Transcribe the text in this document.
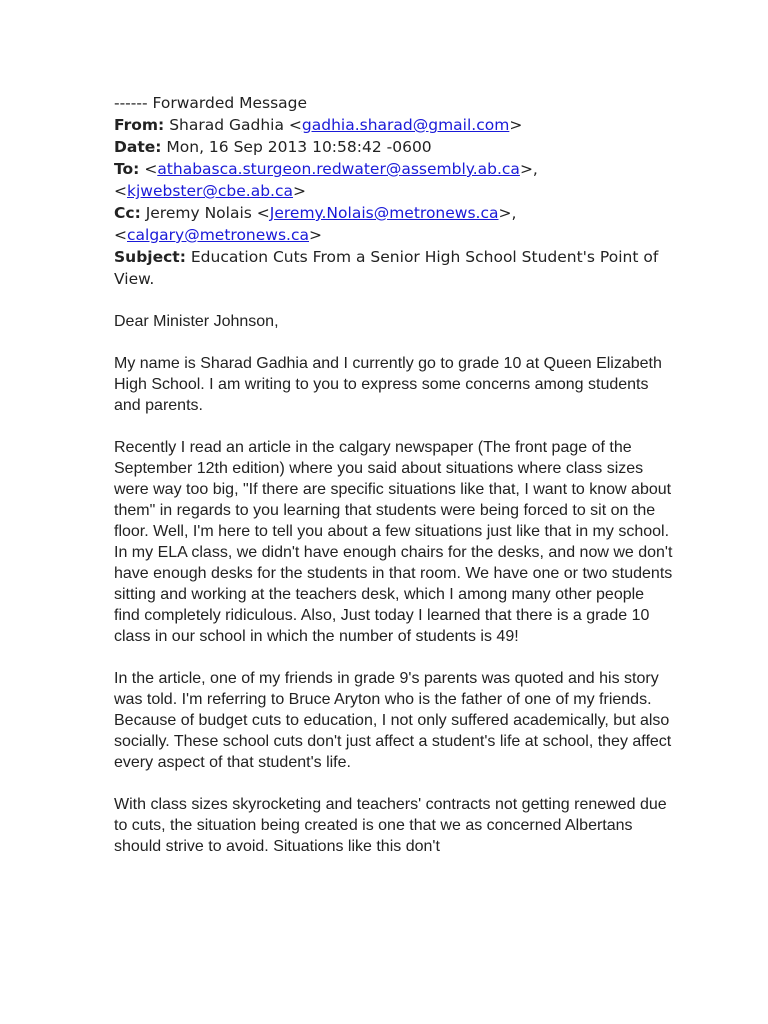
------ Forwarded Message
From: Sharad Gadhia <gadhia.sharad@gmail.com>
Date: Mon, 16 Sep 2013 10:58:42 -0600
To: <athabasca.sturgeon.redwater@assembly.ab.ca>,
<kjwebster@cbe.ab.ca>
Cc: Jeremy Nolais <Jeremy.Nolais@metronews.ca>,
<calgary@metronews.ca>
Subject: Education Cuts From a Senior High School Student's Point of View.

Dear Minister Johnson,

My name is Sharad Gadhia and I currently go to grade 10 at Queen Elizabeth High School. I am writing to you to express some concerns among students and parents.

Recently I read an article in the calgary newspaper (The front page of the September 12th edition) where you said about situations where class sizes were way too big, "If there are specific situations like that, I want to know about them" in regards to you learning that students were being forced to sit on the floor. Well, I'm here to tell you about a few situations just like that in my school. In my ELA class, we didn't have enough chairs for the desks, and now we don't have enough desks for the students in that room. We have one or two students sitting and working at the teachers desk, which I among many other people find completely ridiculous. Also, Just today I learned that there is a grade 10 class in our school in which the number of students is 49!

In the article, one of my friends in grade 9's parents was quoted and his story was told. I'm referring to Bruce Aryton who is the father of one of my friends. Because of budget cuts to education, I not only suffered academically, but also socially. These school cuts don't just affect a student's life at school, they affect every aspect of that student's life.

With class sizes skyrocketing and teachers' contracts not getting renewed due to cuts, the situation being created is one that we as concerned Albertans should strive to avoid. Situations like this don't
